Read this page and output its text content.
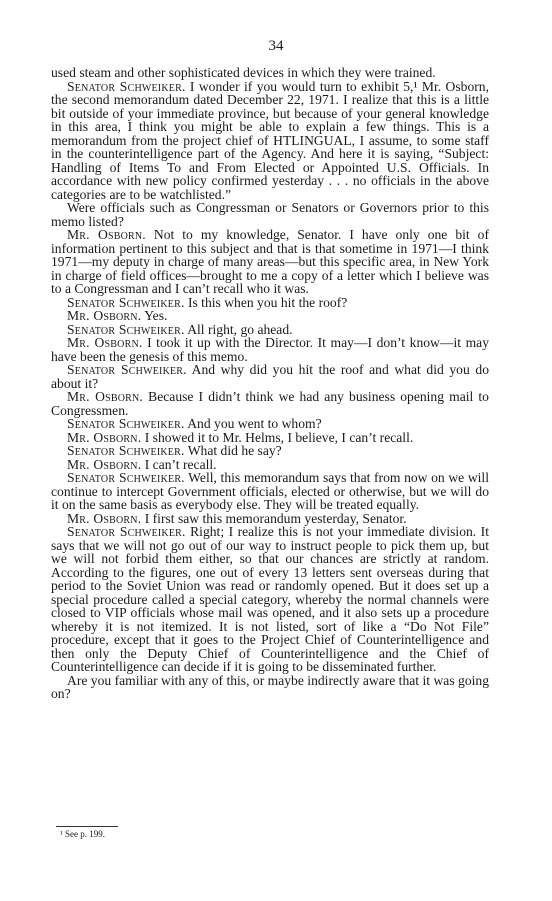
34

used steam and other sophisticated devices in which they were trained.

Senator Schweiker. I wonder if you would turn to exhibit 5,¹ Mr. Osborn, the second memorandum dated December 22, 1971. I realize that this is a little bit outside of your immediate province, but because of your general knowledge in this area, I think you might be able to explain a few things. This is a memorandum from the project chief of HTLINGUAL, I assume, to some staff in the counterintelligence part of the Agency. And here it is saying, “Subject: Handling of Items To and From Elected or Appointed U.S. Officials. In accordance with new policy confirmed yesterday . . . no officials in the above categories are to be watchlisted.”

Were officials such as Congressman or Senators or Governors prior to this memo listed?

Mr. Osborn. Not to my knowledge, Senator. I have only one bit of information pertinent to this subject and that is that sometime in 1971—I think 1971—my deputy in charge of many areas—but this specific area, in New York in charge of field offices—brought to me a copy of a letter which I believe was to a Congressman and I can’t recall who it was.

Senator Schweiker. Is this when you hit the roof?

Mr. Osborn. Yes.

Senator Schweiker. All right, go ahead.

Mr. Osborn. I took it up with the Director. It may—I don’t know—it may have been the genesis of this memo.

Senator Schweiker. And why did you hit the roof and what did you do about it?

Mr. Osborn. Because I didn’t think we had any business opening mail to Congressmen.

Senator Schweiker. And you went to whom?

Mr. Osborn. I showed it to Mr. Helms, I believe, I can’t recall.

Senator Schweiker. What did he say?

Mr. Osborn. I can’t recall.

Senator Schweiker. Well, this memorandum says that from now on we will continue to intercept Government officials, elected or otherwise, but we will do it on the same basis as everybody else. They will be treated equally.

Mr. Osborn. I first saw this memorandum yesterday, Senator.

Senator Schweiker. Right; I realize this is not your immediate division. It says that we will not go out of our way to instruct people to pick them up, but we will not forbid them either, so that our chances are strictly at random. According to the figures, one out of every 13 letters sent overseas during that period to the Soviet Union was read or randomly opened. But it does set up a special procedure called a special category, whereby the normal channels were closed to VIP officials whose mail was opened, and it also sets up a procedure whereby it is not itemized. It is not listed, sort of like a “Do Not File” procedure, except that it goes to the Project Chief of Counterintelligence and then only the Deputy Chief of Counterintelligence and the Chief of Counterintelligence can decide if it is going to be disseminated further.

Are you familiar with any of this, or maybe indirectly aware that it was going on?

¹ See p. 199.
